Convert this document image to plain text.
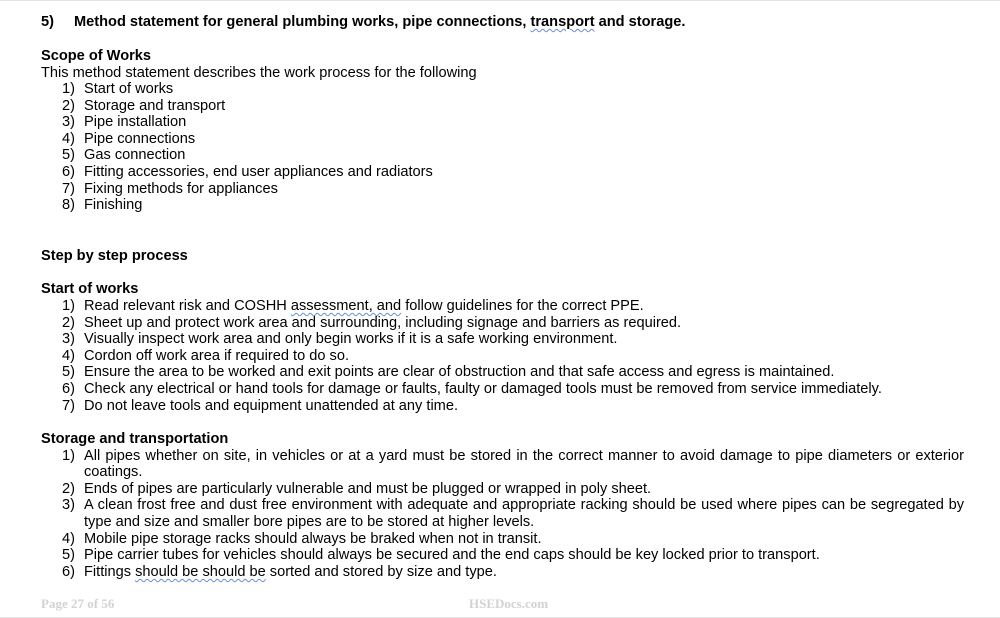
5) Method statement for general plumbing works, pipe connections, transport and storage.
Scope of Works
This method statement describes the work process for the following
1) Start of works
2) Storage and transport
3) Pipe installation
4) Pipe connections
5) Gas connection
6) Fitting accessories, end user appliances and radiators
7) Fixing methods for appliances
8) Finishing
Step by step process
Start of works
1) Read relevant risk and COSHH assessment, and follow guidelines for the correct PPE.
2) Sheet up and protect work area and surrounding, including signage and barriers as required.
3) Visually inspect work area and only begin works if it is a safe working environment.
4) Cordon off work area if required to do so.
5) Ensure the area to be worked and exit points are clear of obstruction and that safe access and egress is maintained.
6) Check any electrical or hand tools for damage or faults, faulty or damaged tools must be removed from service immediately.
7) Do not leave tools and equipment unattended at any time.
Storage and transportation
1) All pipes whether on site, in vehicles or at a yard must be stored in the correct manner to avoid damage to pipe diameters or exterior coatings.
2) Ends of pipes are particularly vulnerable and must be plugged or wrapped in poly sheet.
3) A clean frost free and dust free environment with adequate and appropriate racking should be used where pipes can be segregated by type and size and smaller bore pipes are to be stored at higher levels.
4) Mobile pipe storage racks should always be braked when not in transit.
5) Pipe carrier tubes for vehicles should always be secured and the end caps should be key locked prior to transport.
6) Fittings should be should be sorted and stored by size and type.
Page 27 of 56	HSEDocs.com
